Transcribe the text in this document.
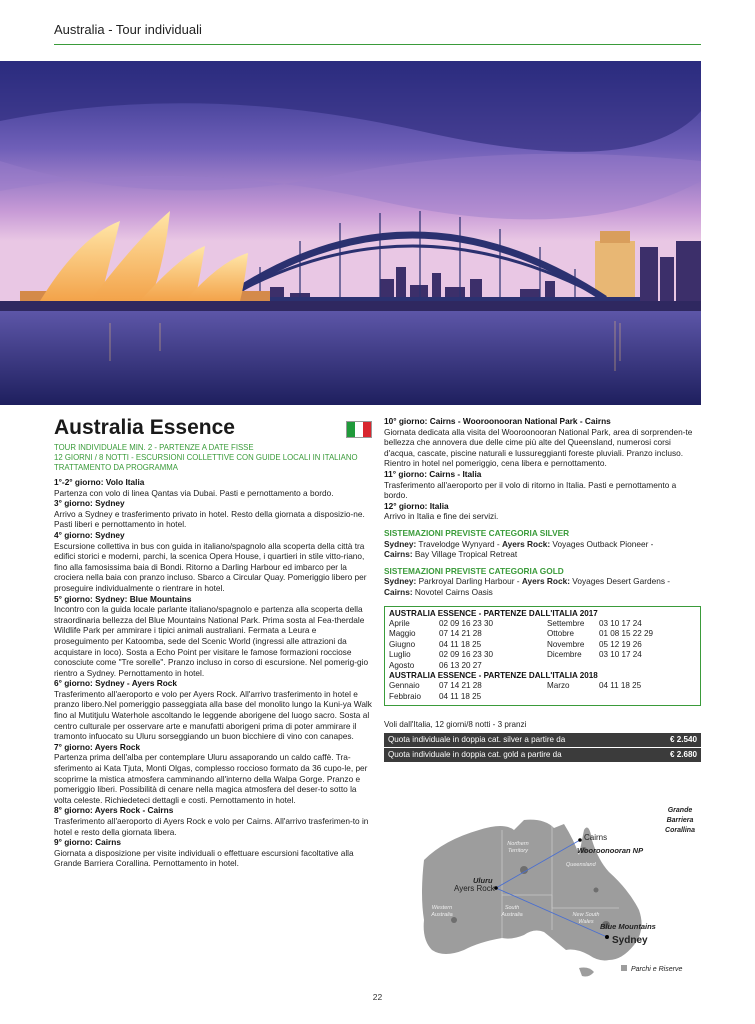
Australia - Tour individuali
Australia Essence
TOUR INDIVIDUALE MIN. 2 - PARTENZE A DATE FISSE
12 GIORNI / 8 NOTTI - ESCURSIONI COLLETTIVE CON GUIDE LOCALI IN ITALIANO
TRATTAMENTO DA PROGRAMMA

1°-2° giorno: Volo Italia

Partenza con volo di linea Qantas via Dubai. Pasti e pernottamento a bordo.

3° giorno: Sydney

Arrivo a Sydney e trasferimento privato in hotel. Resto della giornata a disposizio-ne. Pasti liberi e pernottamento in hotel.

4° giorno: Sydney

Escursione collettiva in bus con guida in italiano/spagnolo alla scoperta della città tra edifici storici e moderni, parchi, la scenica Opera House, i quartieri in stile vitto-riano, fino alla famosissima baia di Bondi. Ritorno a Darling Harbour ed imbarco per la crociera nella baia con pranzo incluso. Sbarco a Circular Quay. Pomeriggio libero per proseguire individualmente o rientrare in hotel.

5° giorno: Sydney: Blue Mountains

Incontro con la guida locale parlante italiano/spagnolo e partenza alla scoperta della straordinaria bellezza del Blue Mountains National Park. Prima sosta al Fea-therdale Wildlife Park per ammirare i tipici animali australiani. Fermata a Leura e proseguimento per Katoomba, sede del Scenic World (ingressi alle attrazioni da acquistare in loco). Sosta a Echo Point per visitare le famose formazioni rocciose conosciute come "Tre sorelle". Pranzo incluso in corso di escursione. Nel pomerig-gio rientro a Sydney. Pernottamento in hotel.

6° giorno: Sydney - Ayers Rock

Trasferimento all'aeroporto e volo per Ayers Rock. All'arrivo trasferimento in hotel e pranzo libero.Nel pomeriggio passeggiata alla base del monolito lungo la Kuni-ya Walk fino al Mutitjulu Waterhole ascoltando le leggende aborigene del luogo sacro. Sosta al centro culturale per osservare arte e manufatti aborigeni prima di poter ammirare il tramonto infuocato su Uluru sorseggiando un buon bicchiere di vino con canapes.

7° giorno: Ayers Rock

Partenza prima dell'alba per contemplare Uluru assaporando un caldo caffè. Tra-sferimento ai Kata Tjuta, Monti Olgas, complesso roccioso formato da 36 cupo-le, per scoprirne la mistica atmosfera camminando all'interno della Walpa Gorge. Pranzo e pomeriggio liberi. Possibilità di cenare nella magica atmosfera del deser-to sotto la volta celeste. Richiedeteci dettagli e costi. Pernottamento in hotel.

8° giorno: Ayers Rock - Cairns

Trasferimento all'aeroporto di Ayers Rock e volo per Cairns. All'arrivo trasferimen-to in hotel e resto della giornata libera.

9° giorno: Cairns

Giornata a disposizione per visite individuali o effettuare escursioni facoltative alla Grande Barriera Corallina. Pernottamento in hotel.

10° giorno: Cairns - Wooroonooran National Park - Cairns

Giornata dedicata alla visita del Wooroonooran National Park, area di sorprenden-te bellezza che annovera due delle cime più alte del Queensland, numerosi corsi d'acqua, cascate, piscine naturali e lussureggianti foreste pluviali. Pranzo incluso. Rientro in hotel nel pomeriggio, cena libera e pernottamento.

11° giorno: Cairns - Italia

Trasferimento all'aeroporto per il volo di ritorno in Italia. Pasti e pernottamento a bordo.

12° giorno: Italia

Arrivo in Italia e fine dei servizi.

SISTEMAZIONI PREVISTE CATEGORIA SILVER

Sydney: Travelodge Wynyard - Ayers Rock: Voyages Outback Pioneer -

Cairns: Bay Village Tropical Retreat

SISTEMAZIONI PREVISTE CATEGORIA GOLD

Sydney: Parkroyal Darling Harbour - Ayers Rock: Voyages Desert Gardens -

Cairns: Novotel Cairns Oasis

AUSTRALIA ESSENCE - PARTENZE DALL'ITALIA 2017
Aprile	02 09 16 23 30	Settembre	03 10 17 24
Maggio	07 14 21 28	Ottobre	01 08 15 22 29
Giugno	04 11 18 25	Novembre	05 12 19 26
Luglio	02 09 16 23 30	Dicembre	03 10 17 24
Agosto	06 13 20 27
AUSTRALIA ESSENCE - PARTENZE DALL'ITALIA 2018
Gennaio	07 14 21 28	Marzo	04 11 18 25
Febbraio	04 11 18 25
Voli dall'Italia, 12 giorni/8 notti - 3 pranzi
Quota individuale in doppia cat. silver a partire da	€ 2.540
Quota individuale in doppia cat. gold a partire da	€ 2.680
Grande Barriera Corallina
Cairns
Wooroonooran NP
Northern Territory
Queensland
Uluru
Ayers Rock
Western Australia
South Australia	New South Wales Blue Mountains
Sydney
Parchi e Riserve
22
